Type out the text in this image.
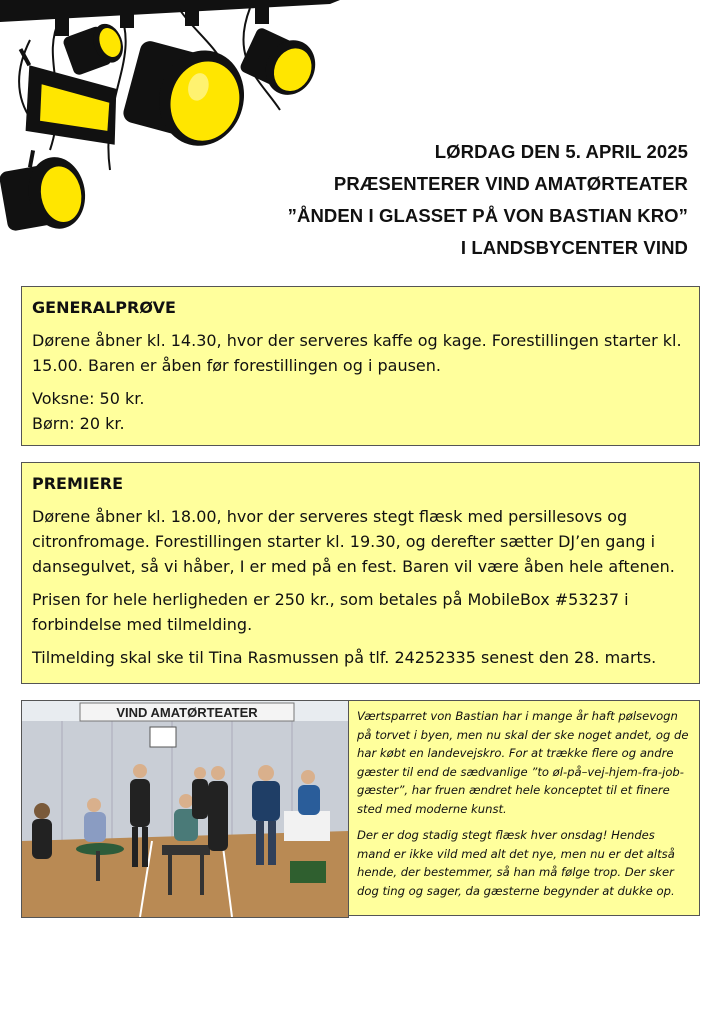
LØRDAG DEN 5. APRIL 2025
PRÆSENTERER VIND AMATØRTEATER
”ÅNDEN I GLASSET PÅ VON BASTIAN KRO”
I LANDSBYCENTER VIND
GENERALPRØVE

Dørene åbner kl. 14.30, hvor der serveres kaffe og kage. Forestillingen starter kl. 15.00. Baren er åben før forestillingen og i pausen.

Voksne: 50 kr.
Børn: 20 kr.
PREMIERE

Dørene åbner kl. 18.00, hvor der serveres stegt flæsk med persillesovs og citronfromage. Forestillingen starter kl. 19.30, og derefter sætter DJ’en gang i dansegulvet, så vi håber, I er med på en fest. Baren vil være åben hele aftenen.

Prisen for hele herligheden er 250 kr., som betales på MobileBox #53237 i forbindelse med tilmelding.

Tilmelding skal ske til Tina Rasmussen på tlf. 24252335 senest den 28. marts.

VIND AMATØRTEATER	Værtsparret von Bastian har i mange år haft pølsevogn på torvet i byen, men nu skal der ske noget andet, og de har købt en landevejskro. For at trække flere og andre gæster til end de sædvanlige ”to øl-på–vej-hjem-fra-job-gæster”, har fruen ændret hele konceptet til et finere sted med moderne kunst.

Der er dog stadig stegt flæsk hver onsdag! Hendes mand er ikke vild med alt det nye, men nu er det altså hende, der bestemmer, så han må følge trop. Der sker dog ting og sager, da gæsterne begynder at dukke op.
